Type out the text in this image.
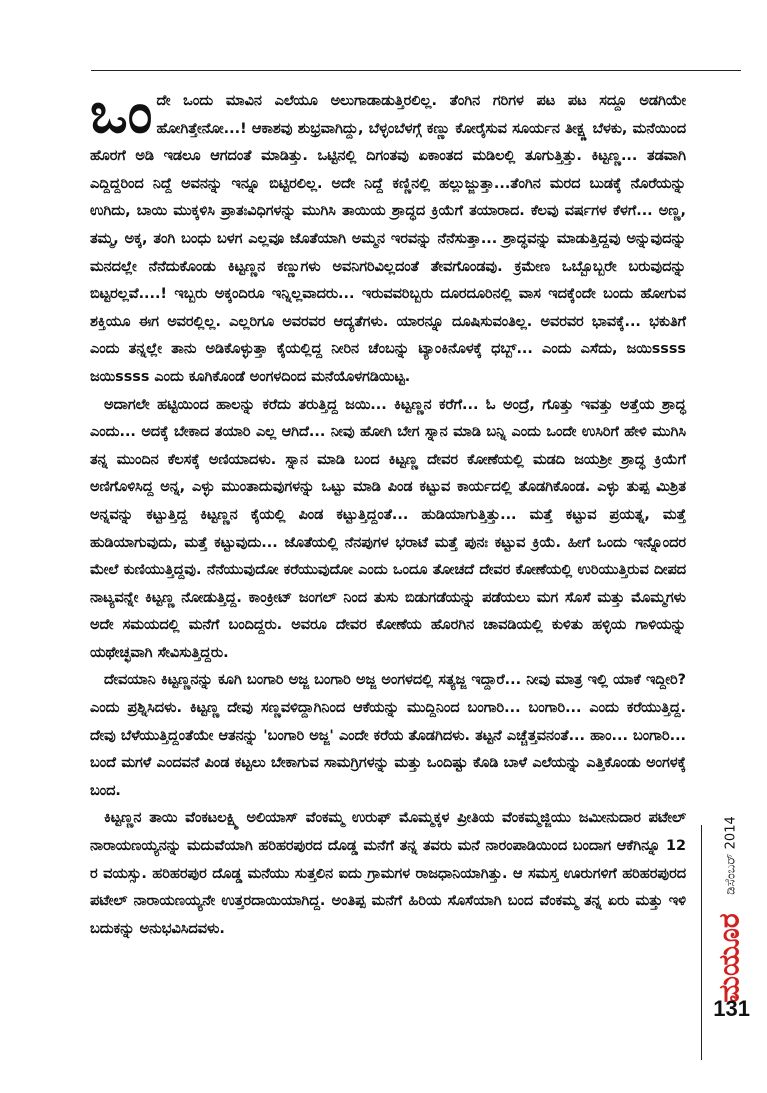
ಒಂದೇ ಒಂದು ಮಾವಿನ ಎಲೆಯೂ ಅಲುಗಾಡಾಡುತ್ತಿರಲಿಲ್ಲ. ತೆಂಗಿನ ಗರಿಗಳ ಪಟ ಪಟ ಸದ್ದೂ ಅಡಗಿಯೇ ಹೋಗಿತ್ತೇನೋ...! ಆಕಾಶವು ಶುಭ್ರವಾಗಿದ್ದು, ಬೆಳ್ಳಂಬೆಳಗ್ಗೆ ಕಣ್ಣು ಕೋರೈಸುವ ಸೂರ್ಯನ ತೀಕ್ಷ್ಣ ಬೆಳಕು, ಮನೆಯಿಂದ ಹೊರಗೆ ಅಡಿ ಇಡಲೂ ಆಗದಂತೆ ಮಾಡಿತ್ತು. ಒಟ್ಟಿನಲ್ಲಿ ದಿಗಂತವು ಏಕಾಂತದ ಮಡಿಲಲ್ಲಿ ತೂಗುತ್ತಿತ್ತು. ಕಿಟ್ಟಣ್ಣ... ತಡವಾಗಿ ಎದ್ದಿದ್ದರಿಂದ ನಿದ್ದೆ ಅವನನ್ನು ಇನ್ನೂ ಬಿಟ್ಟಿರಲಿಲ್ಲ. ಅದೇ ನಿದ್ದೆ ಕಣ್ಣಿನಲ್ಲಿ ಹಲ್ಲುಜ್ಜುತ್ತಾ...ತೆಂಗಿನ ಮರದ ಬುಡಕ್ಕೆ ನೊರೆಯನ್ನು ಉಗಿದು, ಬಾಯಿ ಮುಕ್ಕಳಿಸಿ ಪ್ರಾತಃವಿಧಿಗಳನ್ನು ಮುಗಿಸಿ ತಾಯಿಯ ಶ್ರಾದ್ಧದ ಕ್ರಿಯೆಗೆ ತಯಾರಾದ. ಕೆಲವು ವರ್ಷಗಳ ಕೆಳಗೆ... ಅಣ್ಣ, ತಮ್ಮ, ಅಕ್ಕ, ತಂಗಿ ಬಂಧು ಬಳಗ ಎಲ್ಲವೂ ಜೊತೆಯಾಗಿ ಅಮ್ಮನ ಇರವನ್ನು ನೆನೆಸುತ್ತಾ... ಶ್ರಾದ್ಧವನ್ನು ಮಾಡುತ್ತಿದ್ದವು ಅನ್ನುವುದನ್ನು ಮನದಲ್ಲೇ ನೆನೆದುಕೊಂಡು ಕಿಟ್ಟಣ್ಣನ ಕಣ್ಣುಗಳು ಅವನಿಗರಿವಿಲ್ಲದಂತೆ ತೇವಗೊಂಡವು. ಕ್ರಮೇಣ ಒಬ್ಬೊಬ್ಬರೇ ಬರುವುದನ್ನು ಬಿಟ್ಟರಲ್ಲವೆ....! ಇಬ್ಬರು ಅಕ್ಕಂದಿರೂ ಇನ್ನಿಲ್ಲವಾದರು... ಇರುವವರಿಬ್ಬರು ದೂರದೂರಿನಲ್ಲಿ ವಾಸ ಇದಕ್ಕೆಂದೇ ಬಂದು ಹೋಗುವ ಶಕ್ತಿಯೂ ಈಗ ಅವರಲ್ಲಿಲ್ಲ. ಎಲ್ಲರಿಗೂ ಅವರವರ ಆದ್ಯತೆಗಳು. ಯಾರನ್ನೂ ದೂಷಿಸುವಂತಿಲ್ಲ. ಅವರವರ ಭಾವಕ್ಕೆ... ಭಕುತಿಗೆ ಎಂದು ತನ್ನಲ್ಲೇ ತಾನು ಅಡಿಕೊಳ್ಳುತ್ತಾ ಕೈಯಲ್ಲಿದ್ದ ನೀರಿನ ಚೆಂಬನ್ನು ಟ್ಯಾಂಕಿನೊಳಕ್ಕೆ ಧಬ್ಬ್... ಎಂದು ಎಸೆದು, ಜಯಿssss ಜಯಿssss ಎಂದು ಕೂಗಿಕೊಂಡೆ ಅಂಗಳದಿಂದ ಮನೆಯೊಳಗಡಿಯಿಟ್ಟ.

ಅದಾಗಲೇ ಹಟ್ಟಿಯಿಂದ ಹಾಲನ್ನು ಕರೆದು ತರುತ್ತಿದ್ದ ಜಯಿ... ಕಿಟ್ಟಣ್ಣನ ಕರೆಗೆ... ಓ ಅಂದ್ರೆ, ಗೊತ್ತು ಇವತ್ತು ಅತ್ತೆಯ ಶ್ರಾದ್ಧ ಎಂದು... ಅದಕ್ಕೆ ಬೇಕಾದ ತಯಾರಿ ಎಲ್ಲ ಆಗಿದೆ... ನೀವು ಹೋಗಿ ಬೇಗ ಸ್ನಾನ ಮಾಡಿ ಬನ್ನಿ ಎಂದು ಒಂದೇ ಉಸಿರಿಗೆ ಹೇಳಿ ಮುಗಿಸಿ ತನ್ನ ಮುಂದಿನ ಕೆಲಸಕ್ಕೆ ಅಣಿಯಾದಳು. ಸ್ನಾನ ಮಾಡಿ ಬಂದ ಕಿಟ್ಟಣ್ಣ ದೇವರ ಕೋಣೆಯಲ್ಲಿ ಮಡದಿ ಜಯಶ್ರೀ ಶ್ರಾದ್ಧ ಕ್ರಿಯೆಗೆ ಅಣಿಗೊಳಿಸಿದ್ದ ಅನ್ನ, ಎಳ್ಳು ಮುಂತಾದುವುಗಳನ್ನು ಒಟ್ಟು ಮಾಡಿ ಪಿಂಡ ಕಟ್ಟುವ ಕಾರ್ಯದಲ್ಲಿ ತೊಡಗಿಕೊಂಡ. ಎಳ್ಳು ತುಪ್ಪ ಮಿಶ್ರಿತ ಅನ್ನವನ್ನು ಕಟ್ಟುತ್ತಿದ್ದ ಕಿಟ್ಟಣ್ಣನ ಕೈಯಲ್ಲಿ ಪಿಂಡ ಕಟ್ಟುತ್ತಿದ್ದಂತೆ... ಹುಡಿಯಾಗುತ್ತಿತ್ತು... ಮತ್ತೆ ಕಟ್ಟುವ ಪ್ರಯತ್ನ, ಮತ್ತೆ ಹುಡಿಯಾಗುವುದು, ಮತ್ತೆ ಕಟ್ಟುವುದು... ಜೊತೆಯಲ್ಲಿ ನೆನಪುಗಳ ಭರಾಟೆ ಮತ್ತೆ ಪುನಃ ಕಟ್ಟುವ ಕ್ರಿಯೆ. ಹೀಗೆ ಒಂದು ಇನ್ನೊಂದರ ಮೇಲೆ ಕುಣಿಯುತ್ತಿದ್ದವು. ನೆನೆಯುವುದೋ ಕರೆಯುವುದೋ ಎಂದು ಒಂದೂ ತೋಚದೆ ದೇವರ ಕೋಣೆಯಲ್ಲಿ ಉರಿಯುತ್ತಿರುವ ದೀಪದ ನಾಟ್ಯವನ್ನೇ ಕಿಟ್ಟಣ್ಣ ನೋಡುತ್ತಿದ್ದ. ಕಾಂಕ್ರೀಟ್ ಜಂಗಲ್ ನಿಂದ ತುಸು ಬಿಡುಗಡೆಯನ್ನು ಪಡೆಯಲು ಮಗ ಸೊಸೆ ಮತ್ತು ಮೊಮ್ಮಗಳು ಅದೇ ಸಮಯದಲ್ಲಿ ಮನೆಗೆ ಬಂದಿದ್ದರು. ಅವರೂ ದೇವರ ಕೋಣೆಯ ಹೊರಗಿನ ಚಾವಡಿಯಲ್ಲಿ ಕುಳಿತು ಹಳ್ಳಿಯ ಗಾಳಿಯನ್ನು ಯಥೇಚ್ಛವಾಗಿ ಸೇವಿಸುತ್ತಿದ್ದರು.

ದೇವಯಾನಿ ಕಿಟ್ಟಣ್ಣನನ್ನು ಕೂಗಿ ಬಂಗಾರಿ ಅಜ್ಜ ಬಂಗಾರಿ ಅಜ್ಜ ಅಂಗಳದಲ್ಲಿ ಸತ್ಯಜ್ಜ ಇದ್ದಾರೆ... ನೀವು ಮಾತ್ರ ಇಲ್ಲಿ ಯಾಕೆ ಇದ್ದೀರಿ? ಎಂದು ಪ್ರಶ್ನಿಸಿದಳು. ಕಿಟ್ಟಣ್ಣ ದೇವು ಸಣ್ಣವಳಿದ್ದಾಗಿನಿಂದ ಆಕೆಯನ್ನು ಮುದ್ದಿನಿಂದ ಬಂಗಾರಿ... ಬಂಗಾರಿ... ಎಂದು ಕರೆಯುತ್ತಿದ್ದ. ದೇವು ಬೆಳೆಯುತ್ತಿದ್ದಂತೆಯೇ ಆತನನ್ನು 'ಬಂಗಾರಿ ಅಜ್ಜ' ಎಂದೇ ಕರೆಯ ತೊಡಗಿದಳು. ತಟ್ಟನೆ ಎಚ್ಚೆತ್ತವನಂತೆ... ಹಾಂ... ಬಂಗಾರಿ... ಬಂದೆ ಮಗಳೆ ಎಂದವನೆ ಪಿಂಡ ಕಟ್ಟಲು ಬೇಕಾಗುವ ಸಾಮಗ್ರಿಗಳನ್ನು ಮತ್ತು ಒಂದಿಷ್ಟು ಕೊಡಿ ಬಾಳೆ ಎಲೆಯನ್ನು ಎತ್ತಿಕೊಂಡು ಅಂಗಳಕ್ಕೆ ಬಂದ.

ಕಿಟ್ಟಣ್ಣನ ತಾಯಿ ವೆಂಕಟಲಕ್ಷ್ಮಿ ಅಲಿಯಾಸ್ ವೆಂಕಮ್ಮ ಉರುಫ್ ಮೊಮ್ಮಕ್ಕಳ ಪ್ರೀತಿಯ ವೆಂಕಮ್ಮಜ್ಜಿಯು ಜಮೀನುದಾರ ಪಟೇಲ್ ನಾರಾಯಣಯ್ಯನನ್ನು ಮದುವೆಯಾಗಿ ಹರಿಹರಪುರದ ದೊಡ್ಡ ಮನೆಗೆ ತನ್ನ ತವರು ಮನೆ ನಾರಂಪಾಡಿಯಿಂದ ಬಂದಾಗ ಆಕೆಗಿನ್ನೂ 12 ರ ವಯಸ್ಸು. ಹರಿಹರಪುರ ದೊಡ್ಡ ಮನೆಯು ಸುತ್ತಲಿನ ಐದು ಗ್ರಾಮಗಳ ರಾಜಧಾನಿಯಾಗಿತ್ತು. ಆ ಸಮಸ್ತ ಊರುಗಳಿಗೆ ಹರಿಹರಪುರದ ಪಟೇಲ್ ನಾರಾಯಣಯ್ಯನೇ ಉತ್ತರದಾಯಿಯಾಗಿದ್ದ. ಅಂತಿಪ್ಪ ಮನೆಗೆ ಹಿರಿಯ ಸೊಸೆಯಾಗಿ ಬಂದ ವೆಂಕಮ್ಮ ತನ್ನ ಏರು ಮತ್ತು ಇಳಿ ಬದುಕನ್ನು ಅನುಭವಿಸಿದವಳು.

ಡಿಸೆಂಬರ್ 2014
ಮಯೂರ
131
